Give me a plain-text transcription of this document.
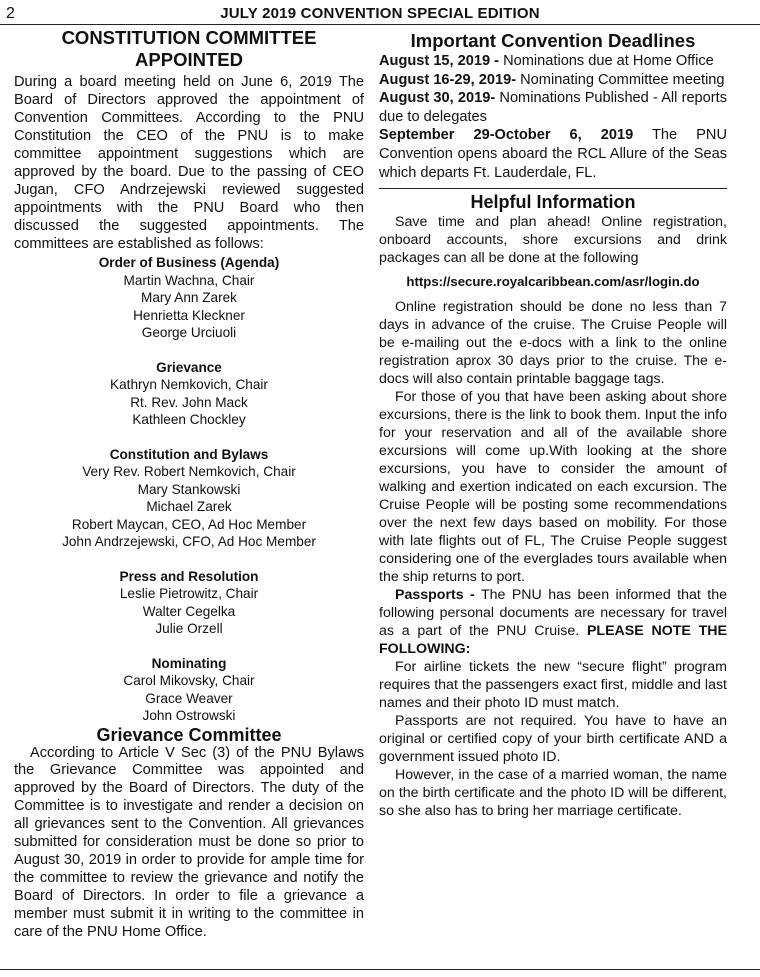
2	JULY 2019 CONVENTION SPECIAL EDITION
CONSTITUTION COMMITTEE
APPOINTED

During a board meeting held on June 6, 2019 The Board of Directors approved the appointment of Convention Committees. According to the PNU Constitution the CEO of the PNU is to make committee appointment suggestions which are approved by the board. Due to the passing of CEO Jugan, CFO Andrzejewski reviewed suggested appointments with the PNU Board who then discussed the suggested appointments. The committees are established as follows:

Order of Business (Agenda)
Martin Wachna, Chair
Mary Ann Zarek
Henrietta Kleckner
George Urciuoli
Grievance
Kathryn Nemkovich, Chair
Rt. Rev. John Mack
Kathleen Chockley
Constitution and Bylaws
Very Rev. Robert Nemkovich, Chair
Mary Stankowski
Michael Zarek
Robert Maycan, CEO, Ad Hoc Member
John Andrzejewski, CFO, Ad Hoc Member
Press and Resolution
Leslie Pietrowitz, Chair
Walter Cegelka
Julie Orzell
Nominating
Carol Mikovsky, Chair
Grace Weaver
John Ostrowski
Grievance Committee

According to Article V Sec (3) of the PNU Bylaws the Grievance Committee was appointed and approved by the Board of Directors. The duty of the Committee is to investigate and render a decision on all grievances sent to the Convention. All grievances submitted for consideration must be done so prior to August 30, 2019 in order to provide for ample time for the committee to review the grievance and notify the Board of Directors. In order to file a grievance a member must submit it in writing to the committee in care of the PNU Home Office.

Important Convention Deadlines

August 15, 2019 - Nominations due at Home Office

August 16-29, 2019- Nominating Committee meeting

August 30, 2019- Nominations Published - All reports due to delegates

September 29-October 6, 2019 The PNU Convention opens aboard the RCL Allure of the Seas which departs Ft. Lauderdale, FL.

Helpful Information

Save time and plan ahead! Online registration, onboard accounts, shore excursions and drink packages can all be done at the following

https://secure.royalcaribbean.com/asr/login.do

Online registration should be done no less than 7 days in advance of the cruise. The Cruise People will be e-mailing out the e-docs with a link to the online registration aprox 30 days prior to the cruise. The e-docs will also contain printable baggage tags.

For those of you that have been asking about shore excursions, there is the link to book them. Input the info for your reservation and all of the available shore excursions will come up.With looking at the shore excursions, you have to consider the amount of walking and exertion indicated on each excursion. The Cruise People will be posting some recommendations over the next few days based on mobility. For those with late flights out of FL, The Cruise People suggest considering one of the everglades tours available when the ship returns to port.

Passports - The PNU has been informed that the following personal documents are necessary for travel as a part of the PNU Cruise. PLEASE NOTE THE FOLLOWING:

For airline tickets the new “secure flight” program requires that the passengers exact first, middle and last names and their photo ID must match.

Passports are not required. You have to have an original or certified copy of your birth certificate AND a government issued photo ID.

However, in the case of a married woman, the name on the birth certificate and the photo ID will be different, so she also has to bring her marriage certificate.
